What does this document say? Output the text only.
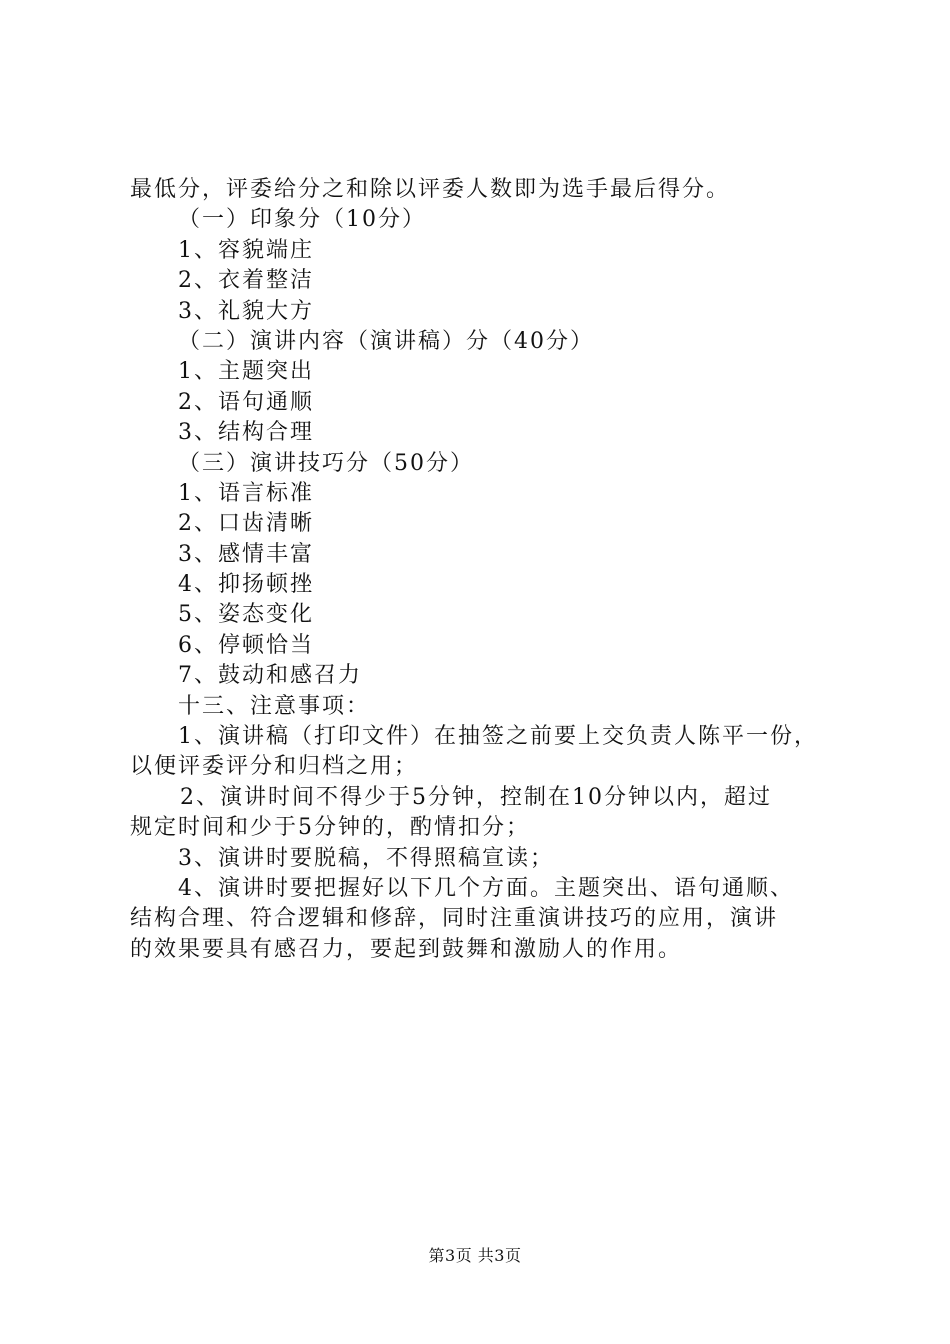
最低分，评委给分之和除以评委人数即为选手最后得分。
（一）印象分（10分）
1、容貌端庄
2、衣着整洁
3、礼貌大方
（二）演讲内容（演讲稿）分（40分）
1、主题突出
2、语句通顺
3、结构合理
（三）演讲技巧分（50分）
1、语言标准
2、口齿清晰
3、感情丰富
4、抑扬顿挫
5、姿态变化
6、停顿恰当
7、鼓动和感召力
十三、注意事项：
1、演讲稿（打印文件）在抽签之前要上交负责人陈平一份，
以便评委评分和归档之用；
2、演讲时间不得少于5分钟，控制在10分钟以内，超过
规定时间和少于5分钟的，酌情扣分；
3、演讲时要脱稿，不得照稿宣读；
4、演讲时要把握好以下几个方面。主题突出、语句通顺、
结构合理、符合逻辑和修辞，同时注重演讲技巧的应用，演讲
的效果要具有感召力，要起到鼓舞和激励人的作用。
第3页 共3页
